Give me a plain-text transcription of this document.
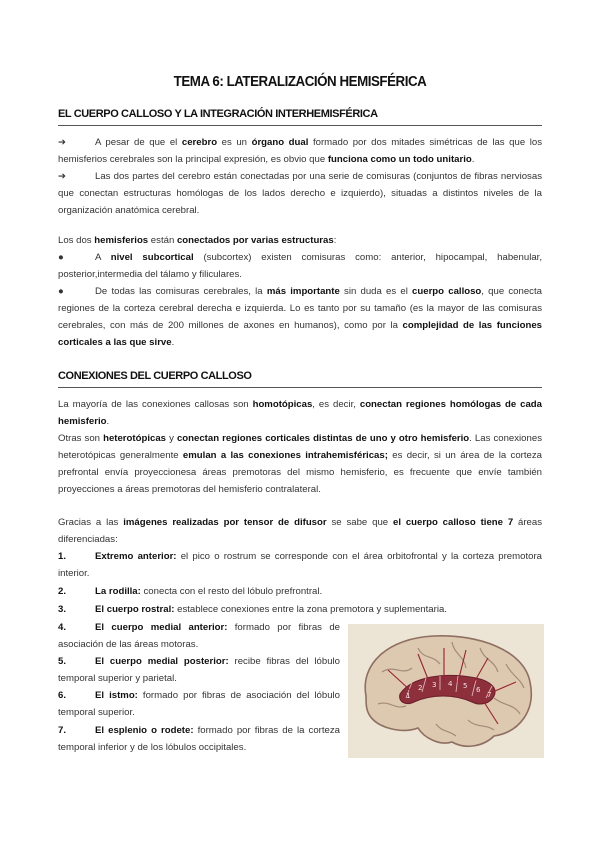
TEMA 6: LATERALIZACIÓN HEMISFÉRICA
EL CUERPO CALLOSO Y LA INTEGRACIÓN INTERHEMISFÉRICA
➔	A pesar de que el cerebro es un órgano dual formado por dos mitades simétricas de las que los hemisferios cerebrales son la principal expresión, es obvio que funciona como un todo unitario.
➔	Las dos partes del cerebro están conectadas por una serie de comisuras (conjuntos de fibras nerviosas que conectan estructuras homólogas de los lados derecho e izquierdo), situadas a distintos niveles de la organización anatómica cerebral.
Los dos hemisferios están conectados por varias estructuras:
●	A nivel subcortical (subcortex) existen comisuras como: anterior, hipocampal, habenular, posterior,intermedia del tálamo y filiculares.
●	De todas las comisuras cerebrales, la más importante sin duda es el cuerpo calloso, que conecta regiones de la corteza cerebral derecha e izquierda. Lo es tanto por su tamaño (es la mayor de las comisuras cerebrales, con más de 200 millones de axones en humanos), como por la complejidad de las funciones corticales a las que sirve.
CONEXIONES DEL CUERPO CALLOSO
La mayoría de las conexiones callosas son homotópicas, es decir, conectan regiones homólogas de cada hemisferio.
Otras son heterotópicas y conectan regiones corticales distintas de uno y otro hemisferio. Las conexiones heterotópicas generalmente emulan a las conexiones intrahemisféricas; es decir, si un área de la corteza prefrontal envía proyeccionesa áreas premotoras del mismo hemisferio, es frecuente que envíe también proyecciones a áreas premotoras del hemisferio contralateral.
Gracias a las imágenes realizadas por tensor de difusor se sabe que el cuerpo calloso tiene 7 áreas diferenciadas:
1.	Extremo anterior: el pico o rostrum se corresponde con el área orbitofrontal y la corteza premotora interior.
2.	La rodilla: conecta con el resto del lóbulo prefrontral.
3.	El cuerpo rostral: establece conexiones entre la zona premotora y suplementaria.
4.	El cuerpo medial anterior: formado por fibras de asociación de las áreas motoras.
5.	El cuerpo medial posterior: recibe fibras del lóbulo temporal superior y parietal.
6.	El istmo: formado por fibras de asociación del lóbulo temporal superior.
7.	El esplenio o rodete: formado por fibras de la corteza temporal inferior y de los lóbulos occipitales.
1
2 3 4 5 6
7
